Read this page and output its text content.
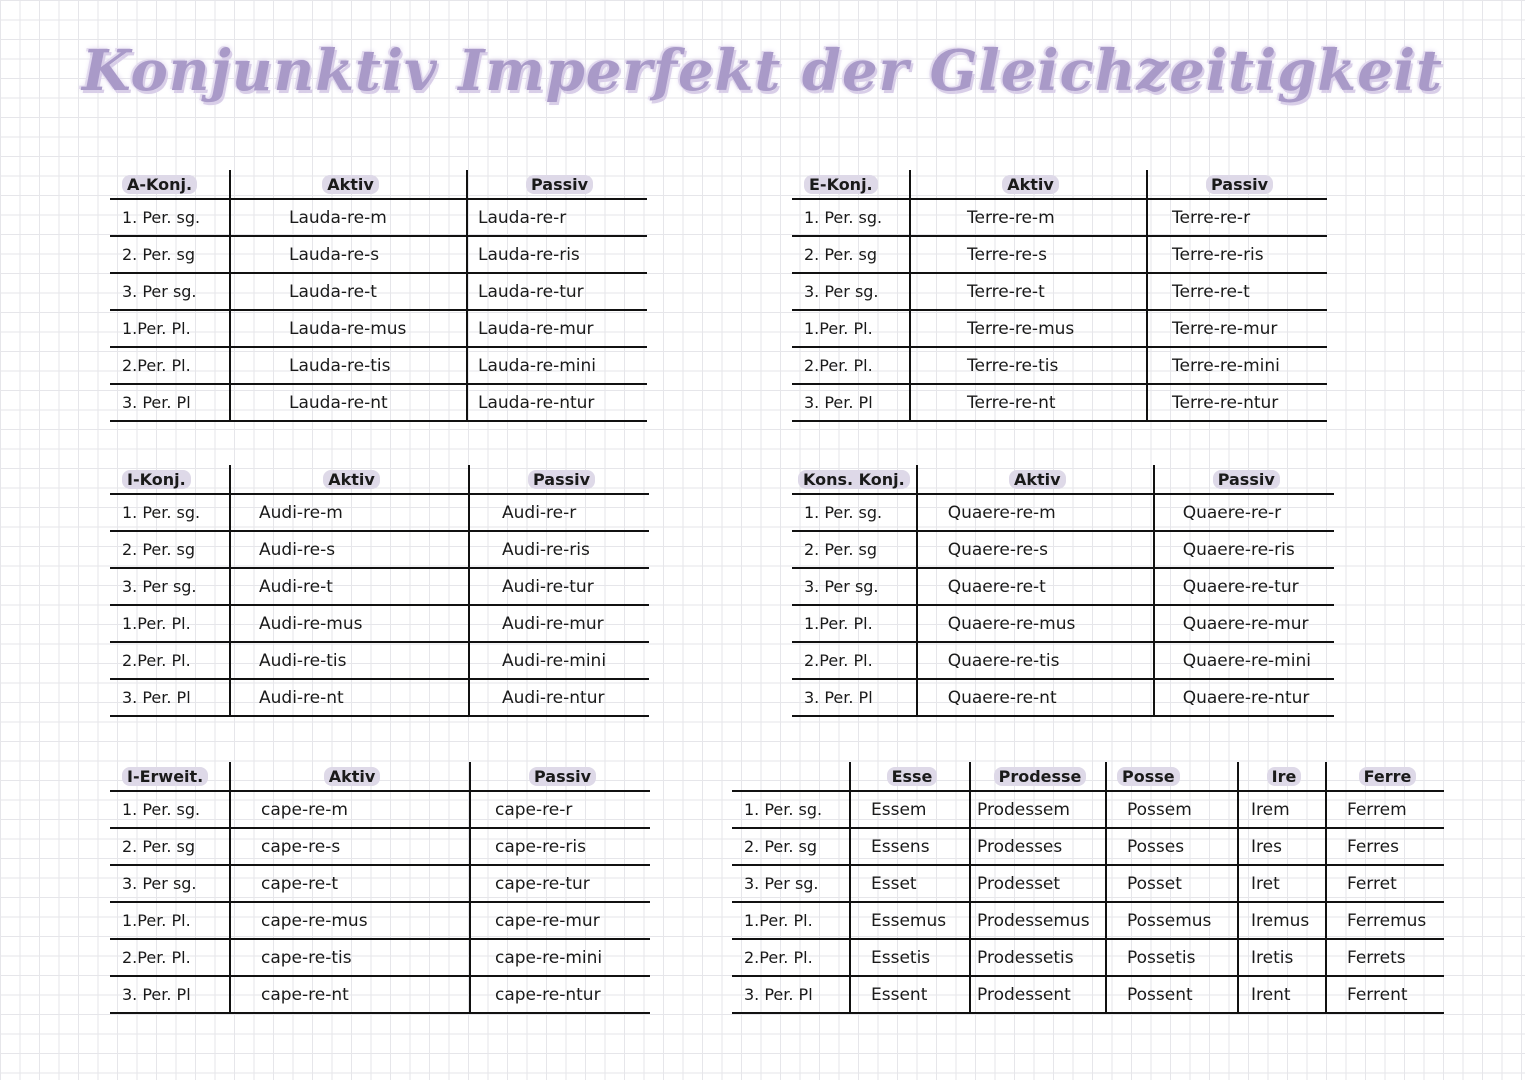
Konjunktiv Imperfekt der Gleichzeitigkeit
A-Konj.	Aktiv	Passiv
1. Per. sg.	Lauda-re-m	Lauda-re-r
2. Per. sg	Lauda-re-s	Lauda-re-ris
3. Per sg.	Lauda-re-t	Lauda-re-tur
1.Per. Pl.	Lauda-re-mus	Lauda-re-mur
2.Per. Pl.	Lauda-re-tis	Lauda-re-mini
3. Per. Pl	Lauda-re-nt	Lauda-re-ntur
E-Konj.	Aktiv	Passiv
1. Per. sg.	Terre-re-m	Terre-re-r
2. Per. sg	Terre-re-s	Terre-re-ris
3. Per sg.	Terre-re-t	Terre-re-t
1.Per. Pl.	Terre-re-mus	Terre-re-mur
2.Per. Pl.	Terre-re-tis	Terre-re-mini
3. Per. Pl	Terre-re-nt	Terre-re-ntur
I-Konj.	Aktiv	Passiv
1. Per. sg.	Audi-re-m	Audi-re-r
2. Per. sg	Audi-re-s	Audi-re-ris
3. Per sg.	Audi-re-t	Audi-re-tur
1.Per. Pl.	Audi-re-mus	Audi-re-mur
2.Per. Pl.	Audi-re-tis	Audi-re-mini
3. Per. Pl	Audi-re-nt	Audi-re-ntur
Kons. Konj.	Aktiv	Passiv
1. Per. sg.	Quaere-re-m	Quaere-re-r
2. Per. sg	Quaere-re-s	Quaere-re-ris
3. Per sg.	Quaere-re-t	Quaere-re-tur
1.Per. Pl.	Quaere-re-mus	Quaere-re-mur
2.Per. Pl.	Quaere-re-tis	Quaere-re-mini
3. Per. Pl	Quaere-re-nt	Quaere-re-ntur
I-Erweit.	Aktiv	Passiv
1. Per. sg.	cape-re-m	cape-re-r
2. Per. sg	cape-re-s	cape-re-ris
3. Per sg.	cape-re-t	cape-re-tur
1.Per. Pl.	cape-re-mus	cape-re-mur
2.Per. Pl.	cape-re-tis	cape-re-mini
3. Per. Pl	cape-re-nt	cape-re-ntur
	Esse	Prodesse	Posse	Ire	Ferre
1. Per. sg.	Essem	Prodessem	Possem	Irem	Ferrem
2. Per. sg	Essens	Prodesses	Posses	Ires	Ferres
3. Per sg.	Esset	Prodesset	Posset	Iret	Ferret
1.Per. Pl.	Essemus	Prodessemus	Possemus	Iremus	Ferremus
2.Per. Pl.	Essetis	Prodessetis	Possetis	Iretis	Ferrets
3. Per. Pl	Essent	Prodessent	Possent	Irent	Ferrent
